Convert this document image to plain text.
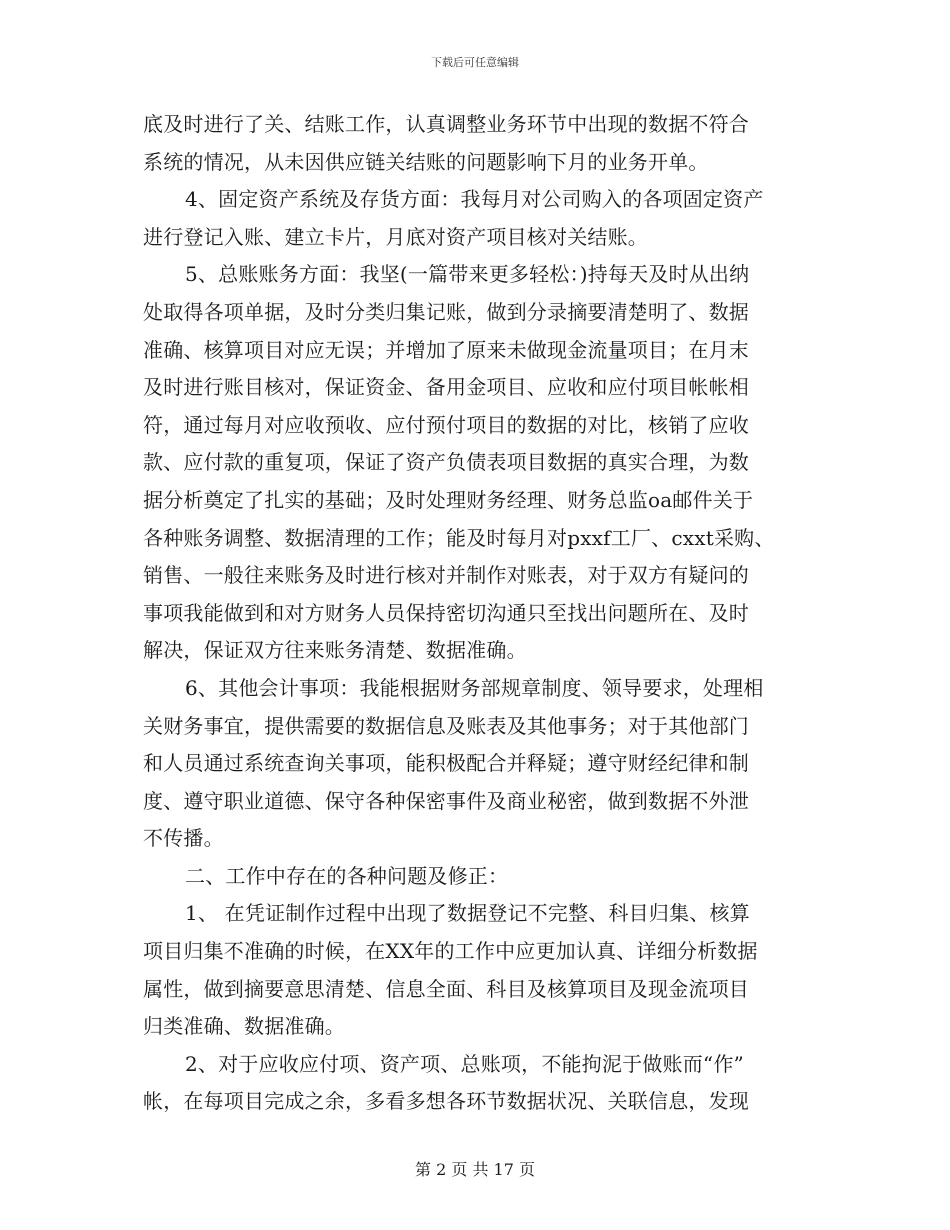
下载后可任意编辑
底及时进行了关、结账工作，认真调整业务环节中出现的数据不符合
系统的情况，从未因供应链关结账的问题影响下月的业务开单。
4、固定资产系统及存货方面：我每月对公司购入的各项固定资产
进行登记入账、建立卡片，月底对资产项目核对关结账。
5、总账账务方面：我坚(一篇带来更多轻松：)持每天及时从出纳
处取得各项单据，及时分类归集记账，做到分录摘要清楚明了、数据
准确、核算项目对应无误；并增加了原来未做现金流量项目；在月末
及时进行账目核对，保证资金、备用金项目、应收和应付项目帐帐相
符，通过每月对应收预收、应付预付项目的数据的对比，核销了应收
款、应付款的重复项，保证了资产负债表项目数据的真实合理，为数
据分析奠定了扎实的基础；及时处理财务经理、财务总监oa邮件关于
各种账务调整、数据清理的工作；能及时每月对pxxf工厂、cxxt采购、
销售、一般往来账务及时进行核对并制作对账表，对于双方有疑问的
事项我能做到和对方财务人员保持密切沟通只至找出问题所在、及时
解决，保证双方往来账务清楚、数据准确。
6、其他会计事项：我能根据财务部规章制度、领导要求，处理相
关财务事宜，提供需要的数据信息及账表及其他事务；对于其他部门
和人员通过系统查询关事项，能积极配合并释疑；遵守财经纪律和制
度、遵守职业道德、保守各种保密事件及商业秘密，做到数据不外泄
不传播。
二、工作中存在的各种问题及修正：
1、 在凭证制作过程中出现了数据登记不完整、科目归集、核算
项目归集不准确的时候，在XX年的工作中应更加认真、详细分析数据
属性，做到摘要意思清楚、信息全面、科目及核算项目及现金流项目
归类准确、数据准确。
2、对于应收应付项、资产项、总账项，不能拘泥于做账而“作”
帐，在每项目完成之余，多看多想各环节数据状况、关联信息，发现
第 2 页 共 17 页
